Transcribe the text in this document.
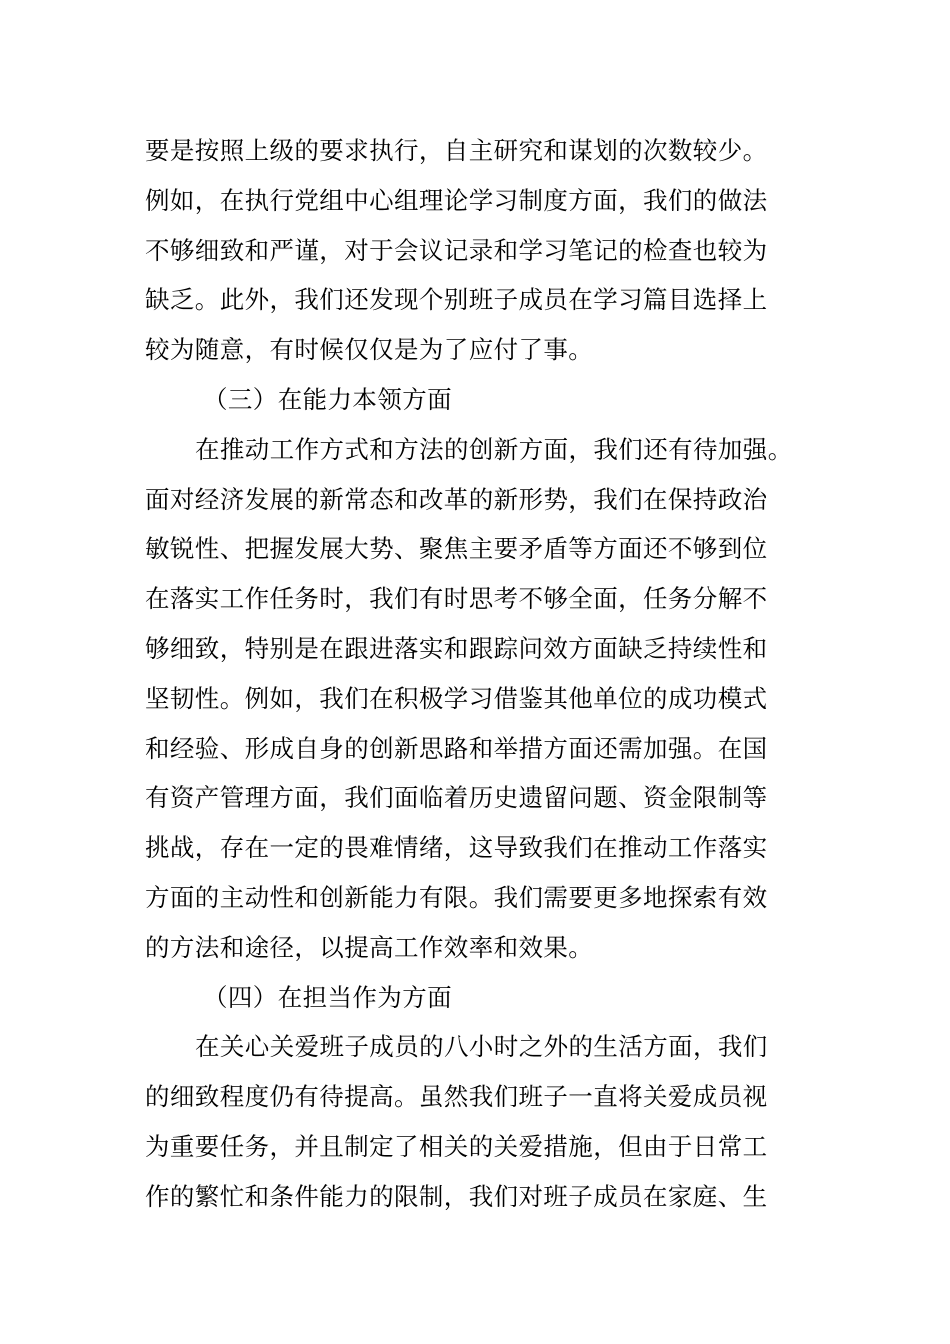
要是按照上级的要求执行，自主研究和谋划的次数较少。

例如，在执行党组中心组理论学习制度方面，我们的做法

不够细致和严谨，对于会议记录和学习笔记的检查也较为

缺乏。此外，我们还发现个别班子成员在学习篇目选择上

较为随意，有时候仅仅是为了应付了事。

（三）在能力本领方面

在推动工作方式和方法的创新方面，我们还有待加强。

面对经济发展的新常态和改革的新形势，我们在保持政治

敏锐性、把握发展大势、聚焦主要矛盾等方面还不够到位

在落实工作任务时，我们有时思考不够全面，任务分解不

够细致，特别是在跟进落实和跟踪问效方面缺乏持续性和

坚韧性。例如，我们在积极学习借鉴其他单位的成功模式

和经验、形成自身的创新思路和举措方面还需加强。在国

有资产管理方面，我们面临着历史遗留问题、资金限制等

挑战，存在一定的畏难情绪，这导致我们在推动工作落实

方面的主动性和创新能力有限。我们需要更多地探索有效

的方法和途径，以提高工作效率和效果。

（四）在担当作为方面

在关心关爱班子成员的八小时之外的生活方面，我们

的细致程度仍有待提高。虽然我们班子一直将关爱成员视

为重要任务，并且制定了相关的关爱措施，但由于日常工

作的繁忙和条件能力的限制，我们对班子成员在家庭、生
